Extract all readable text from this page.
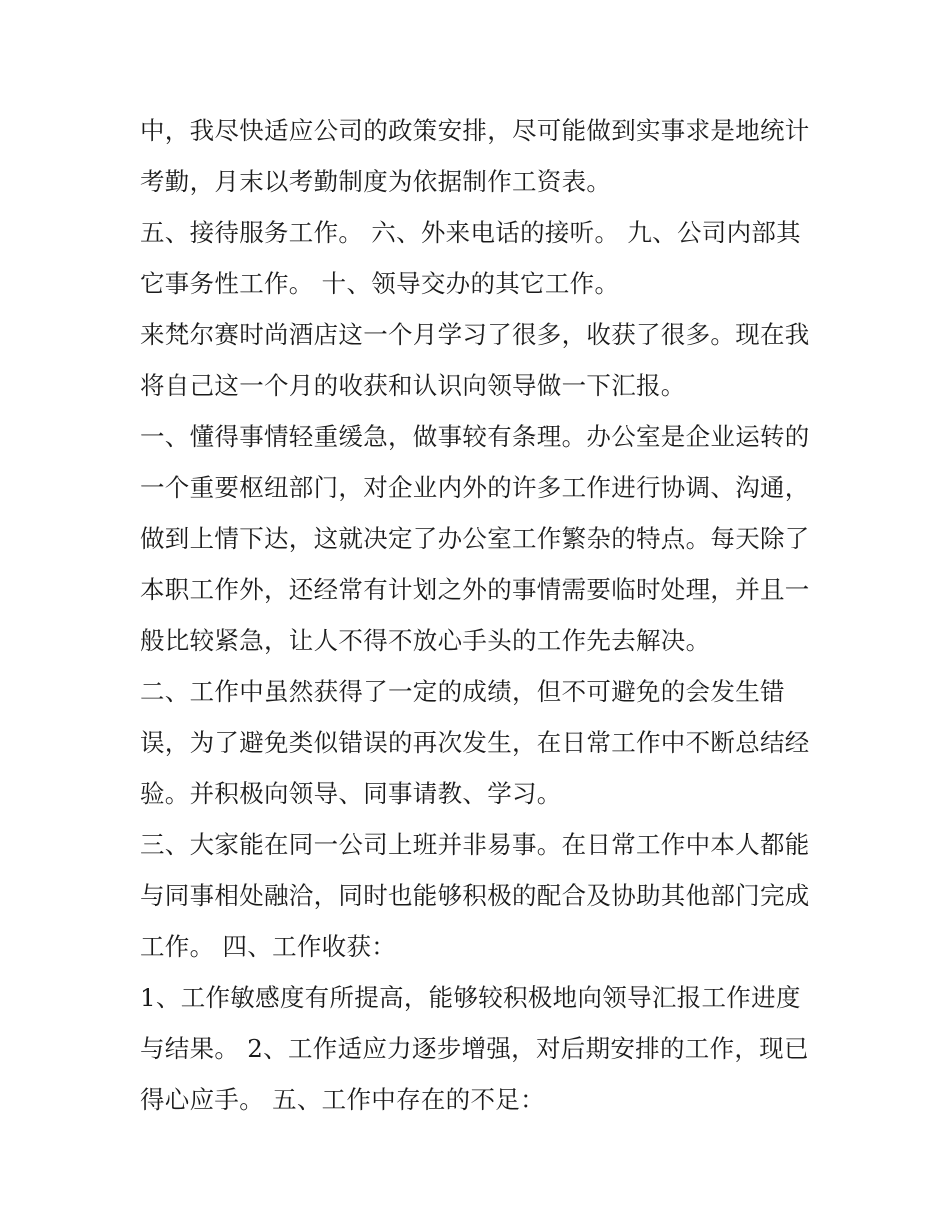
中，我尽快适应公司的政策安排，尽可能做到实事求是地统计
考勤，月末以考勤制度为依据制作工资表。
五、接待服务工作。 六、外来电话的接听。 九、公司内部其
它事务性工作。 十、领导交办的其它工作。
来梵尔赛时尚酒店这一个月学习了很多，收获了很多。现在我
将自己这一个月的收获和认识向领导做一下汇报。
一、懂得事情轻重缓急，做事较有条理。办公室是企业运转的
一个重要枢纽部门，对企业内外的许多工作进行协调、沟通，
做到上情下达，这就决定了办公室工作繁杂的特点。每天除了
本职工作外，还经常有计划之外的事情需要临时处理，并且一
般比较紧急，让人不得不放心手头的工作先去解决。
二、工作中虽然获得了一定的成绩，但不可避免的会发生错
误，为了避免类似错误的再次发生，在日常工作中不断总结经
验。并积极向领导、同事请教、学习。
三、大家能在同一公司上班并非易事。在日常工作中本人都能
与同事相处融洽，同时也能够积极的配合及协助其他部门完成
工作。 四、工作收获：
1、工作敏感度有所提高，能够较积极地向领导汇报工作进度
与结果。 2、工作适应力逐步增强，对后期安排的工作，现已
得心应手。 五、工作中存在的不足：
